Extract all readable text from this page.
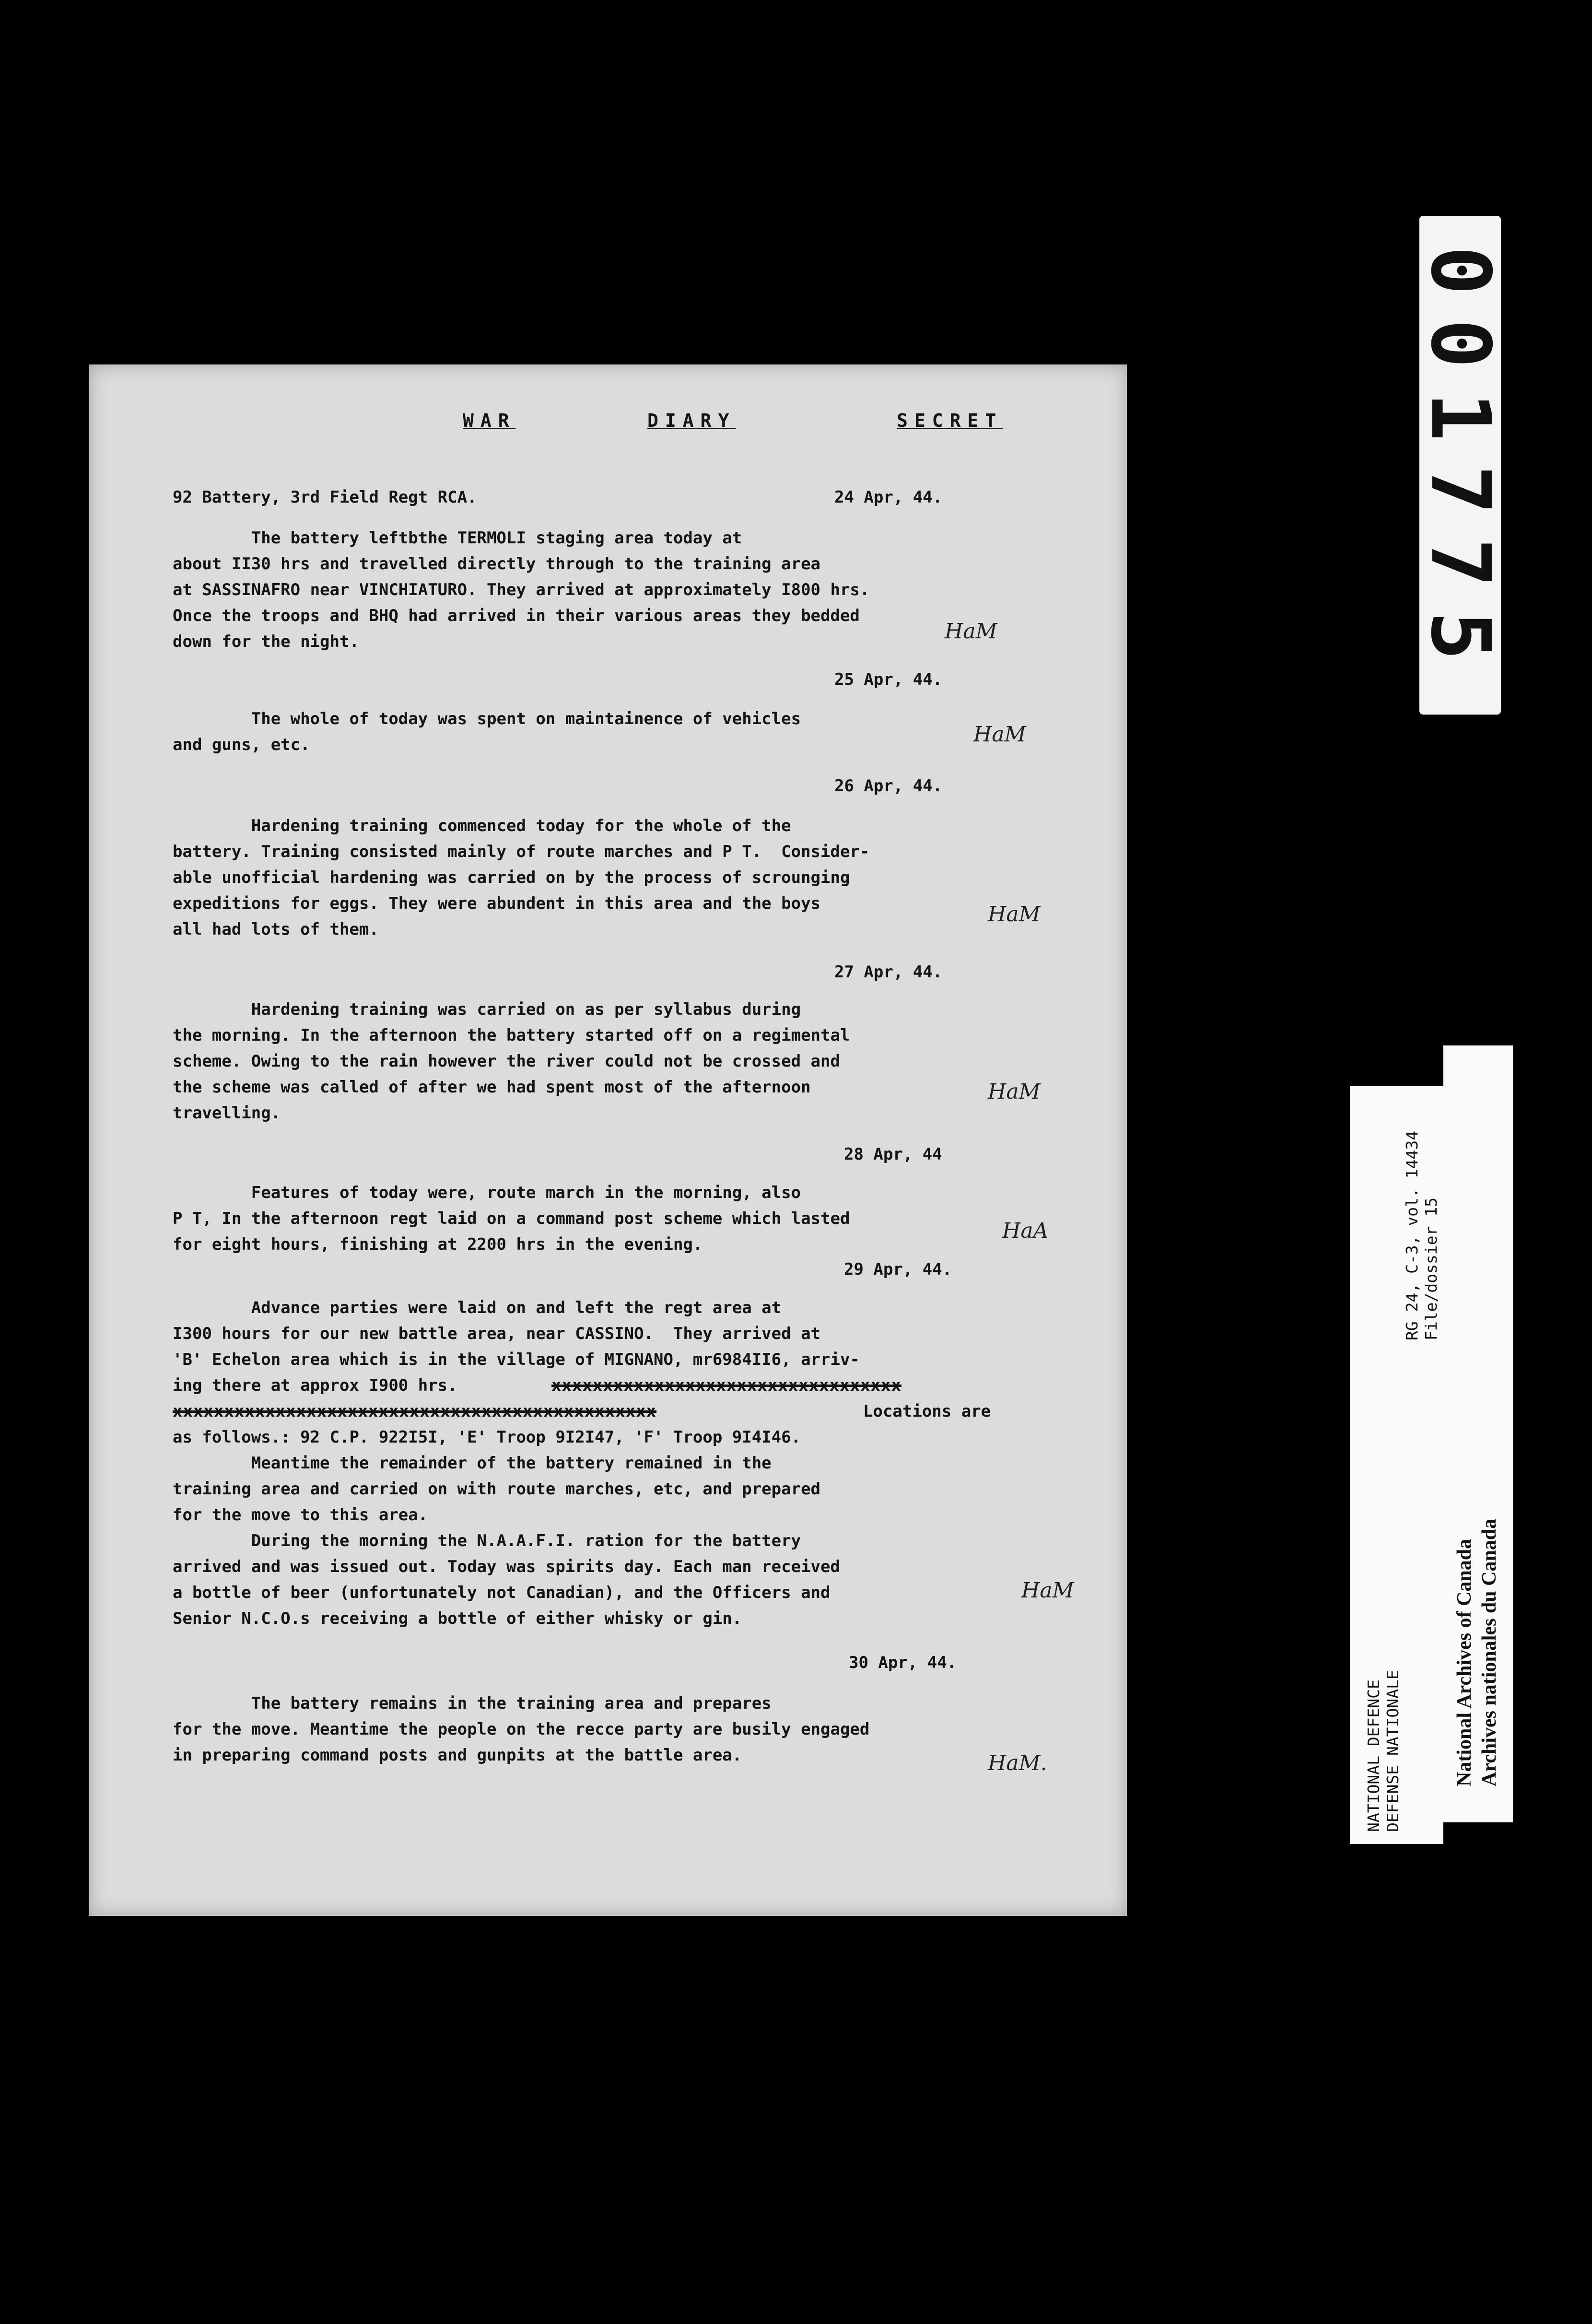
WAR

	DIARY

	SECRET

92 Battery, 3rd Field Regt RCA.

	24 Apr, 44.

The battery leftbthe TERMOLI staging area today at

about II30 hrs and travelled directly through to the training area

at SASSINAFRO near VINCHIATURO. They arrived at approximately I800 hrs.

Once the troops and BHQ had arrived in their various areas they bedded

down for the night.

25 Apr, 44.

The whole of today was spent on maintainence of vehicles

and guns, etc.

26 Apr, 44.

Hardening training commenced today for the whole of the

battery. Training consisted mainly of route marches and P T.  Consider-

able unofficial hardening was carried on by the process of scrounging

expeditions for eggs. They were abundent in this area and the boys

all had lots of them.

27 Apr, 44.

Hardening training was carried on as per syllabus during

the morning. In the afternoon the battery started off on a regimental

scheme. Owing to the rain however the river could not be crossed and

the scheme was called of after we had spent most of the afternoon

travelling.

28 Apr, 44

Features of today were, route march in the morning, also

P T, In the afternoon regt laid on a command post scheme which lasted

for eight hours, finishing at 2200 hrs in the evening.

29 Apr, 44.

Advance parties were laid on and left the regt area at

I300 hours for our new battle area, near CASSINO.  They arrived at

'B' Echelon area which is in the village of MIGNANO, mr6984II6, arriv-

ing there at approx I900 hrs.

	xxxxxxxxxxxxxxxxxxxxxxxxxxxxxxxxxx

xxxxxxxxxxxxxxxxxxxxxxxxxxxxxxxxxxxxxxxxxxxxxxx

	Locations are

as follows.: 92 C.P. 922I5I, 'E' Troop 9I2I47, 'F' Troop 9I4I46.

Meantime the remainder of the battery remained in the

training area and carried on with route marches, etc, and prepared

for the move to this area.

During the morning the N.A.A.F.I. ration for the battery

arrived and was issued out. Today was spirits day. Each man received

a bottle of beer (unfortunately not Canadian), and the Officers and

Senior N.C.O.s receiving a bottle of either whisky or gin.

30 Apr, 44.

The battery remains in the training area and prepares

for the move. Meantime the people on the recce party are busily engaged

in preparing command posts and gunpits at the battle area.

HaM

HaM

HaM

HaM

HaA

HaM

HaM.

001775
NATIONAL DEFENCE DEFENSE NATIONALE
RG 24, C-3, vol. 14434 File/dossier 15
National Archives of Canada Archives nationales du Canada
